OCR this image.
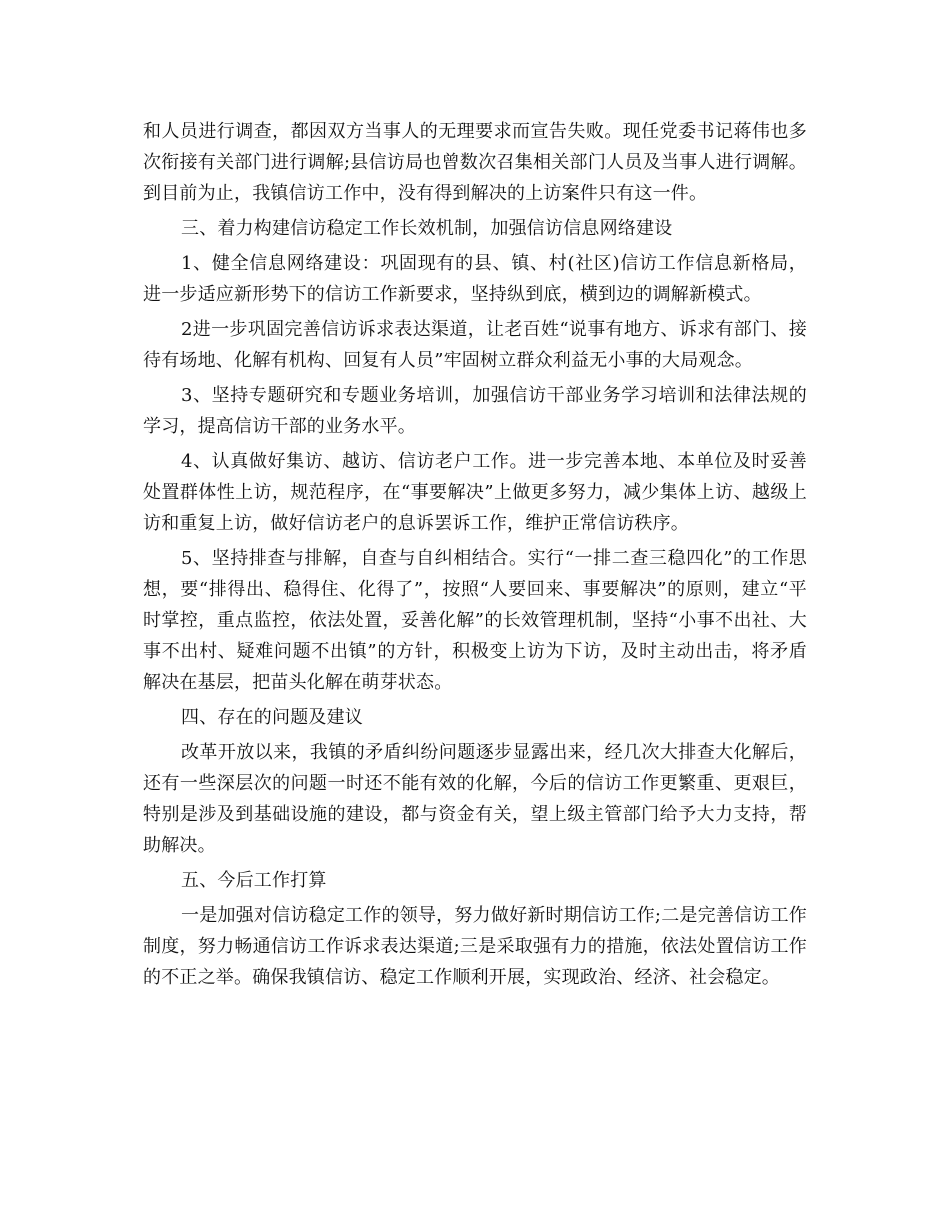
和人员进行调查，都因双方当事人的无理要求而宣告失败。现任党委书记蒋伟也多次衔接有关部门进行调解;县信访局也曾数次召集相关部门人员及当事人进行调解。到目前为止，我镇信访工作中，没有得到解决的上访案件只有这一件。

三、着力构建信访稳定工作长效机制，加强信访信息网络建设

1、健全信息网络建设：巩固现有的县、镇、村(社区)信访工作信息新格局，进一步适应新形势下的信访工作新要求，坚持纵到底，横到边的调解新模式。

2进一步巩固完善信访诉求表达渠道，让老百姓“说事有地方、诉求有部门、接待有场地、化解有机构、回复有人员”牢固树立群众利益无小事的大局观念。

3、坚持专题研究和专题业务培训，加强信访干部业务学习培训和法律法规的学习，提高信访干部的业务水平。

4、认真做好集访、越访、信访老户工作。进一步完善本地、本单位及时妥善处置群体性上访，规范程序，在“事要解决”上做更多努力，减少集体上访、越级上访和重复上访，做好信访老户的息诉罢诉工作，维护正常信访秩序。

5、坚持排查与排解，自查与自纠相结合。实行“一排二查三稳四化”的工作思想，要“排得出、稳得住、化得了”，按照“人要回来、事要解决”的原则，建立“平时掌控，重点监控，依法处置，妥善化解”的长效管理机制，坚持“小事不出社、大事不出村、疑难问题不出镇”的方针，积极变上访为下访，及时主动出击，将矛盾解决在基层，把苗头化解在萌芽状态。

四、存在的问题及建议

改革开放以来，我镇的矛盾纠纷问题逐步显露出来，经几次大排查大化解后，还有一些深层次的问题一时还不能有效的化解，今后的信访工作更繁重、更艰巨，特别是涉及到基础设施的建设，都与资金有关，望上级主管部门给予大力支持，帮助解决。

五、今后工作打算

一是加强对信访稳定工作的领导，努力做好新时期信访工作;二是完善信访工作制度，努力畅通信访工作诉求表达渠道;三是采取强有力的措施，依法处置信访工作的不正之举。确保我镇信访、稳定工作顺利开展，实现政治、经济、社会稳定。
